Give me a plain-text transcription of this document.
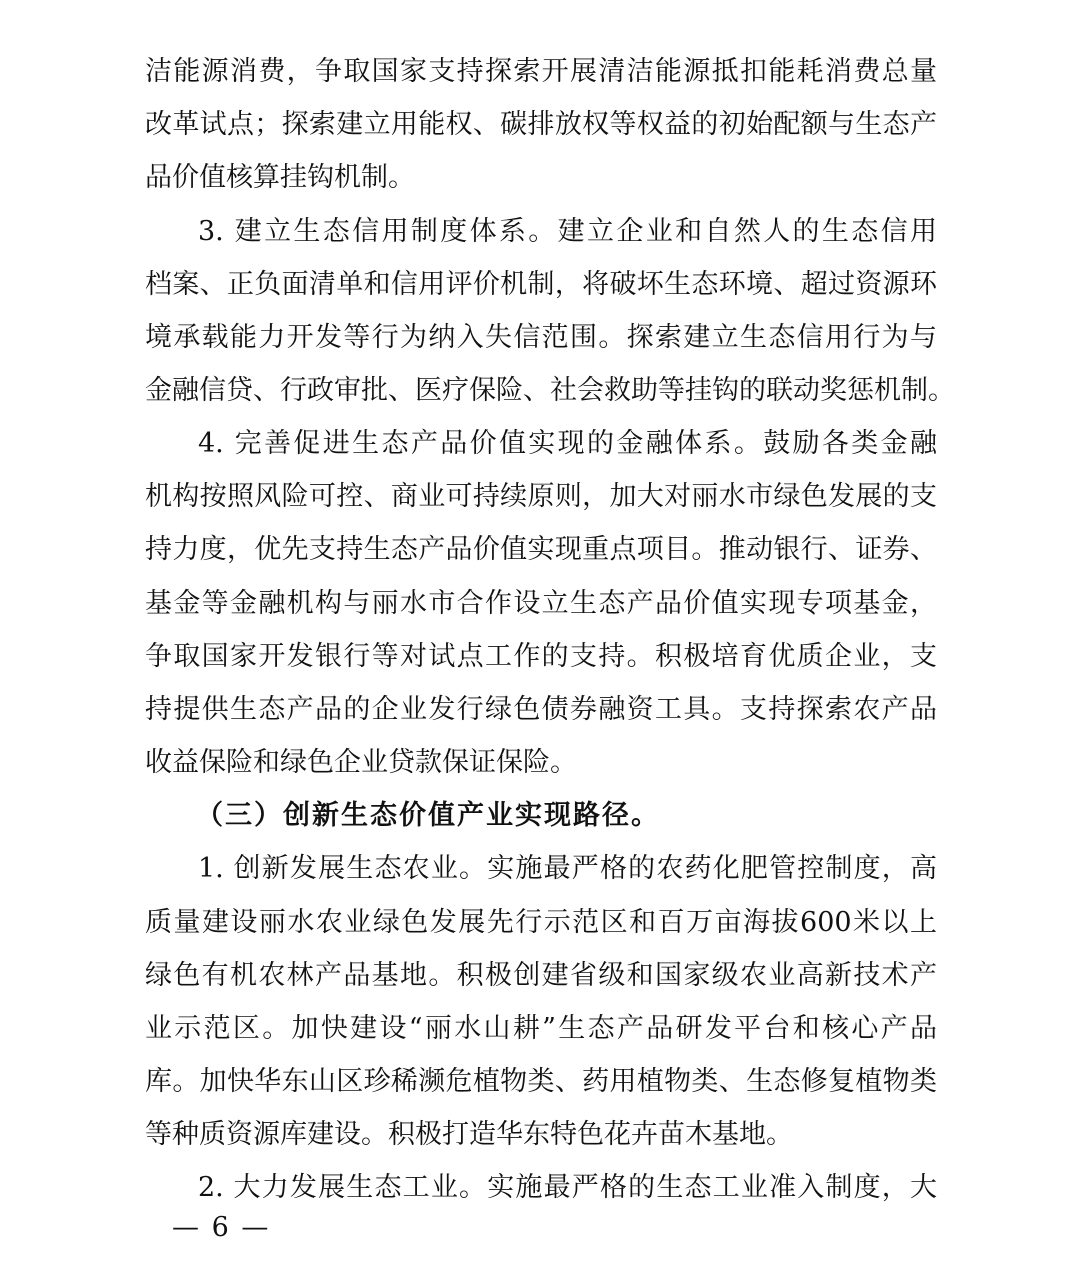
洁能源消费，争取国家支持探索开展清洁能源抵扣能耗消费总量
改革试点；探索建立用能权、碳排放权等权益的初始配额与生态产
品价值核算挂钩机制。
3. 建立生态信用制度体系。建立企业和自然人的生态信用
档案、正负面清单和信用评价机制，将破坏生态环境、超过资源环
境承载能力开发等行为纳入失信范围。探索建立生态信用行为与
金融信贷、行政审批、医疗保险、社会救助等挂钩的联动奖惩机制。
4. 完善促进生态产品价值实现的金融体系。鼓励各类金融
机构按照风险可控、商业可持续原则，加大对丽水市绿色发展的支
持力度，优先支持生态产品价值实现重点项目。推动银行、证券、
基金等金融机构与丽水市合作设立生态产品价值实现专项基金，
争取国家开发银行等对试点工作的支持。积极培育优质企业，支
持提供生态产品的企业发行绿色债券融资工具。支持探索农产品
收益保险和绿色企业贷款保证保险。
（三）创新生态价值产业实现路径。
1. 创新发展生态农业。实施最严格的农药化肥管控制度，高
质量建设丽水农业绿色发展先行示范区和百万亩海拔600米以上
绿色有机农林产品基地。积极创建省级和国家级农业高新技术产
业示范区。加快建设“丽水山耕”生态产品研发平台和核心产品
库。加快华东山区珍稀濒危植物类、药用植物类、生态修复植物类
等种质资源库建设。积极打造华东特色花卉苗木基地。
2. 大力发展生态工业。实施最严格的生态工业准入制度，大
— 6 —
